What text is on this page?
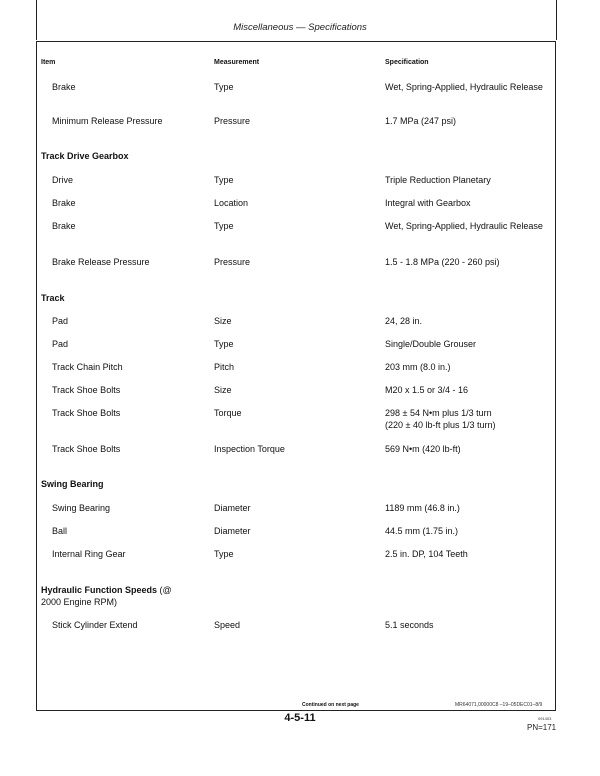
Miscellaneous — Specifications
Item	Measurement	Specification
Brake	Type	Wet, Spring-Applied, Hydraulic Release
Minimum Release Pressure	Pressure	1.7 MPa (247 psi)
Track Drive Gearbox
Drive	Type	Triple Reduction Planetary
Brake	Location	Integral with Gearbox
Brake	Type	Wet, Spring-Applied, Hydraulic Release
Brake Release Pressure	Pressure	1.5 - 1.8 MPa (220 - 260 psi)
Track
Pad	Size	24, 28 in.
Pad	Type	Single/Double Grouser
Track Chain Pitch	Pitch	203 mm (8.0 in.)
Track Shoe Bolts	Size	M20 x 1.5 or 3/4 - 16
Track Shoe Bolts	Torque	298 ± 54 N•m plus 1/3 turn
(220 ± 40 lb-ft plus 1/3 turn)
Track Shoe Bolts	Inspection Torque	569 N•m (420 lb-ft)
Swing Bearing
Swing Bearing	Diameter	1189 mm (46.8 in.)
Ball	Diameter	44.5 mm (1.75 in.)
Internal Ring Gear	Type	2.5 in. DP, 104 Teeth
Hydraulic Function Speeds (@
2000 Engine RPM)
Stick Cylinder Extend	Speed	5.1 seconds
Continued on next page	MR64071,00000C8 –19–05DEC01–8/9
4-5-11	091403
PN=171
